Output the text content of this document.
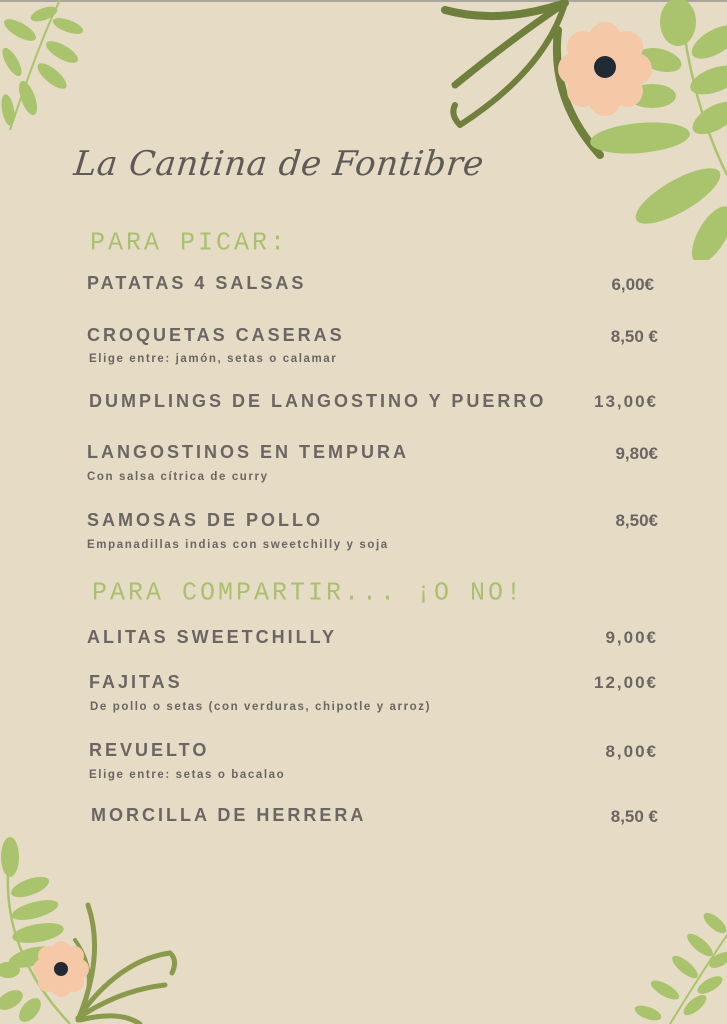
La Cantina de Fontibre
PARA PICAR:
PATATAS 4 SALSAS	6,00€
CROQUETAS CASERAS	8,50 €
Elige entre: jamón, setas o calamar
DUMPLINGS DE LANGOSTINO Y PUERRO	13,00€
LANGOSTINOS EN TEMPURA	9,80€
Con salsa cítrica de curry
SAMOSAS DE POLLO	8,50€
Empanadillas indias con sweetchilly y soja
PARA COMPARTIR... ¡O NO!
ALITAS SWEETCHILLY	9,00€
FAJITAS	12,00€
De pollo o setas (con verduras, chipotle y arroz)
REVUELTO	8,00€
Elige entre: setas o bacalao
MORCILLA DE HERRERA	8,50 €
